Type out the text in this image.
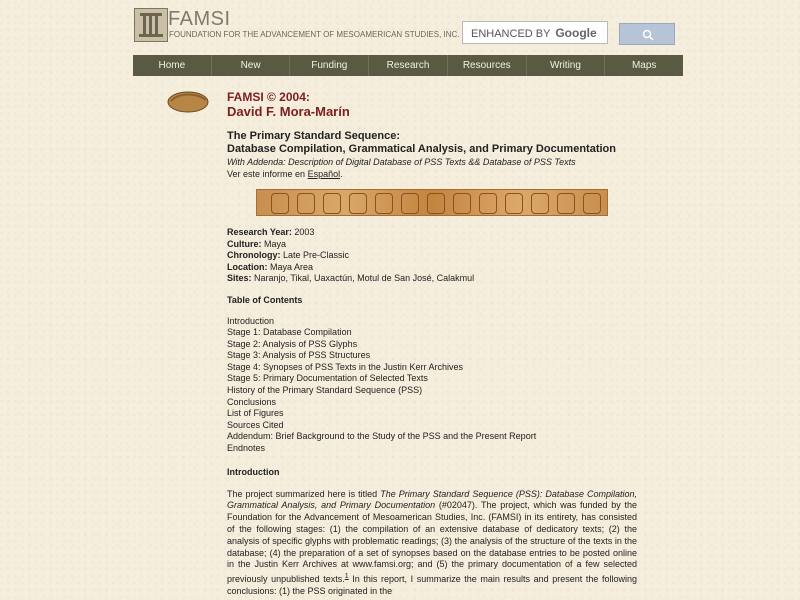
FAMSI
FOUNDATION FOR THE ADVANCEMENT OF MESOAMERICAN STUDIES, INC.	ENHANCED BY Google
Home	New	Funding	Research	Resources	Writing	Maps
FAMSI © 2004:
David F. Mora-Marín
The Primary Standard Sequence:
Database Compilation, Grammatical Analysis, and Primary Documentation
With Addenda: Description of Digital Database of PSS Texts && Database of PSS Texts
Ver este informe en Español.
Research Year: 2003
Culture: Maya
Chronology: Late Pre-Classic
Location: Maya Area
Sites: Naranjo, Tikal, Uaxactún, Motul de San José, Calakmul
Table of Contents
Introduction
Stage 1: Database Compilation
Stage 2: Analysis of PSS Glyphs
Stage 3: Analysis of PSS Structures
Stage 4: Synopses of PSS Texts in the Justin Kerr Archives
Stage 5: Primary Documentation of Selected Texts
History of the Primary Standard Sequence (PSS)
Conclusions
List of Figures
Sources Cited
Addendum: Brief Background to the Study of the PSS and the Present Report
Endnotes
Introduction
The project summarized here is titled The Primary Standard Sequence (PSS): Database Compilation, Grammatical Analysis, and Primary Documentation (#02047). The project, which was funded by the Foundation for the Advancement of Mesoamerican Studies, Inc. (FAMSI) in its entirety, has consisted of the following stages: (1) the compilation of an extensive database of dedicatory texts; (2) the analysis of specific glyphs with problematic readings; (3) the analysis of the structure of the texts in the database; (4) the preparation of a set of synopses based on the database entries to be posted online in the Justin Kerr Archives at www.famsi.org; and (5) the primary documentation of a few selected previously unpublished texts.$^1$ In this report, I summarize the main results and present the following conclusions: (1) the PSS originated in the
